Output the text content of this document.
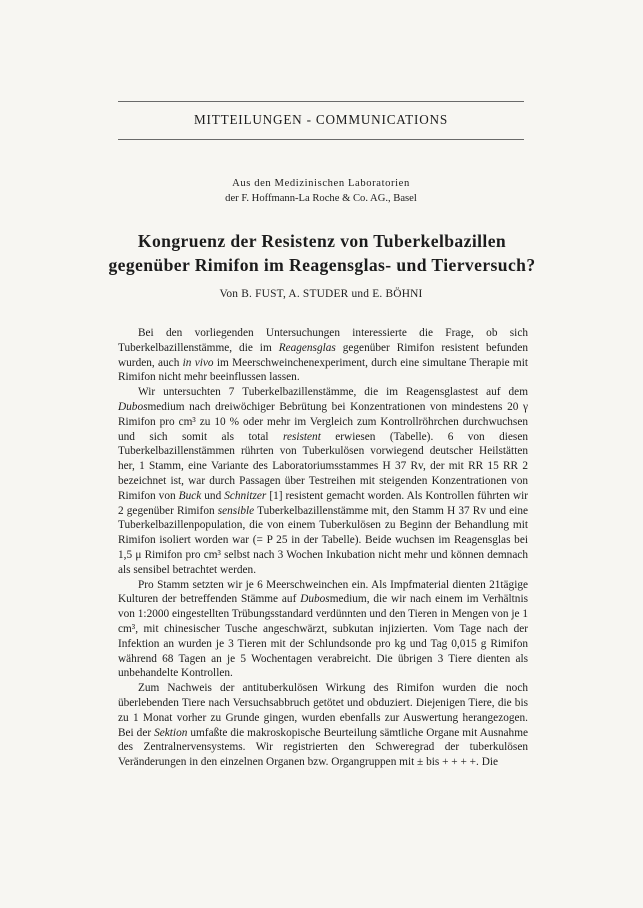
MITTEILUNGEN - COMMUNICATIONS
Aus den Medizinischen Laboratorien
der F. Hoffmann-La Roche & Co. AG., Basel
Kongruenz der Resistenz von Tuberkelbazillen
gegenüber Rimifon im Reagensglas- und Tierversuch?
Von B. FUST, A. STUDER und E. BÖHNI

Bei den vorliegenden Untersuchungen interessierte die Frage, ob sich Tuberkelbazillenstämme, die im Reagensglas gegenüber Rimifon resistent befunden wurden, auch in vivo im Meerschweinchenexperiment, durch eine simultane Therapie mit Rimifon nicht mehr beeinflussen lassen.

Wir untersuchten 7 Tuberkelbazillenstämme, die im Reagensglastest auf dem Dubosmedium nach dreiwöchiger Bebrütung bei Konzentrationen von mindestens 20 γ Rimifon pro cm³ zu 10 % oder mehr im Vergleich zum Kontrollröhrchen durchwuchsen und sich somit als total resistent erwiesen (Tabelle). 6 von diesen Tuberkelbazillenstämmen rührten von Tuberkulösen vorwiegend deutscher Heilstätten her, 1 Stamm, eine Variante des Laboratoriumsstammes H 37 Rv, der mit RR 15 RR 2 bezeichnet ist, war durch Passagen über Testreihen mit steigenden Konzentrationen von Rimifon von Buck und Schnitzer [1] resistent gemacht worden. Als Kontrollen führten wir 2 gegenüber Rimifon sensible Tuberkelbazillenstämme mit, den Stamm H 37 Rv und eine Tuberkelbazillenpopulation, die von einem Tuberkulösen zu Beginn der Behandlung mit Rimifon isoliert worden war (= P 25 in der Tabelle). Beide wuchsen im Reagensglas bei 1,5 μ Rimifon pro cm³ selbst nach 3 Wochen Inkubation nicht mehr und können demnach als sensibel betrachtet werden.

Pro Stamm setzten wir je 6 Meerschweinchen ein. Als Impfmaterial dienten 21tägige Kulturen der betreffenden Stämme auf Dubosmedium, die wir nach einem im Verhältnis von 1:2000 eingestellten Trübungsstandard verdünnten und den Tieren in Mengen von je 1 cm³, mit chinesischer Tusche angeschwärzt, subkutan injizierten. Vom Tage nach der Infektion an wurden je 3 Tieren mit der Schlundsonde pro kg und Tag 0,015 g Rimifon während 68 Tagen an je 5 Wochentagen verabreicht. Die übrigen 3 Tiere dienten als unbehandelte Kontrollen.

Zum Nachweis der antituberkulösen Wirkung des Rimifon wurden die noch überlebenden Tiere nach Versuchsabbruch getötet und obduziert. Diejenigen Tiere, die bis zu 1 Monat vorher zu Grunde gingen, wurden ebenfalls zur Auswertung herangezogen. Bei der Sektion umfaßte die makroskopische Beurteilung sämtliche Organe mit Ausnahme des Zentralnervensystems. Wir registrierten den Schweregrad der tuberkulösen Veränderungen in den einzelnen Organen bzw. Organgruppen mit ± bis + + + +. Die
